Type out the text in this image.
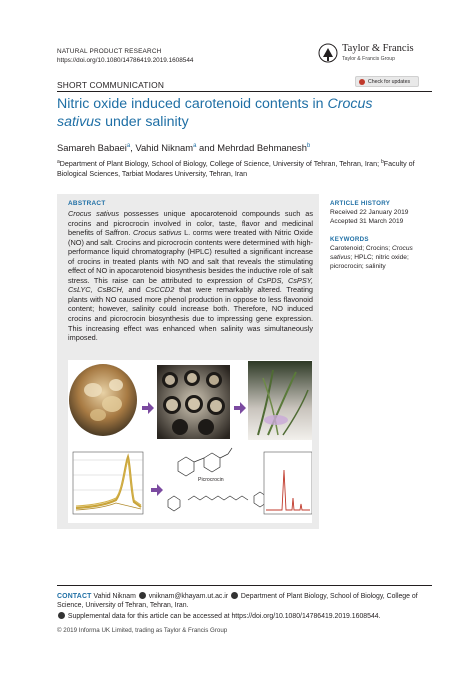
NATURAL PRODUCT RESEARCH
https://doi.org/10.1080/14786419.2019.1608544
Taylor & Francis
Taylor & Francis Group
Check for updates
SHORT COMMUNICATION
Nitric oxide induced carotenoid contents in Crocus sativus under salinity
Samareh Babaei$^a$, Vahid Niknam$^a$ and Mehrdad Behmanesh$^b$
$^a$Department of Plant Biology, School of Biology, College of Science, University of Tehran, Tehran, Iran; $^b$Faculty of Biological Sciences, Tarbiat Modares University, Tehran, Iran
ABSTRACT
Crocus sativus possesses unique apocarotenoid compounds such as crocins and picrocrocin involved in color, taste, flavor and medicinal benefits of Saffron. Crocus sativus L. corms were treated with Nitric Oxide (NO) and salt. Crocins and picrocrocin contents were determined with high-performance liquid chromatography (HPLC) resulted a significant increase of crocins in treated plants with NO and salt that reveals the stimulating effect of NO in apocarotenoid biosynthesis besides the inductive role of salt stress. This raise can be attributed to expression of CsPDS, CsPSY, CsLYC, CsBCH, and CsCCD2 that were remarkably altered. Treating plants with NO caused more phenol production in oppose to less flavonoid content; however, salinity could increase both. Therefore, NO induced crocins and picrocrocin biosynthesis due to impressing gene expression. This increasing effect was enhanced when salinity was simultaneously imposed.
Picrocrocin
ARTICLE HISTORY
Received 22 January 2019
Accepted 31 March 2019
KEYWORDS
Carotenoid; Crocins; Crocus sativus; HPLC; nitric oxide; picrocrocin; salinity
CONTACT Vahid Niknam  vniknam@khayam.ut.ac.ir  Department of Plant Biology, School of Biology, College of Science, University of Tehran, Tehran, Iran.
Supplemental data for this article can be accessed at https://doi.org/10.1080/14786419.2019.1608544.
© 2019 Informa UK Limited, trading as Taylor & Francis Group
